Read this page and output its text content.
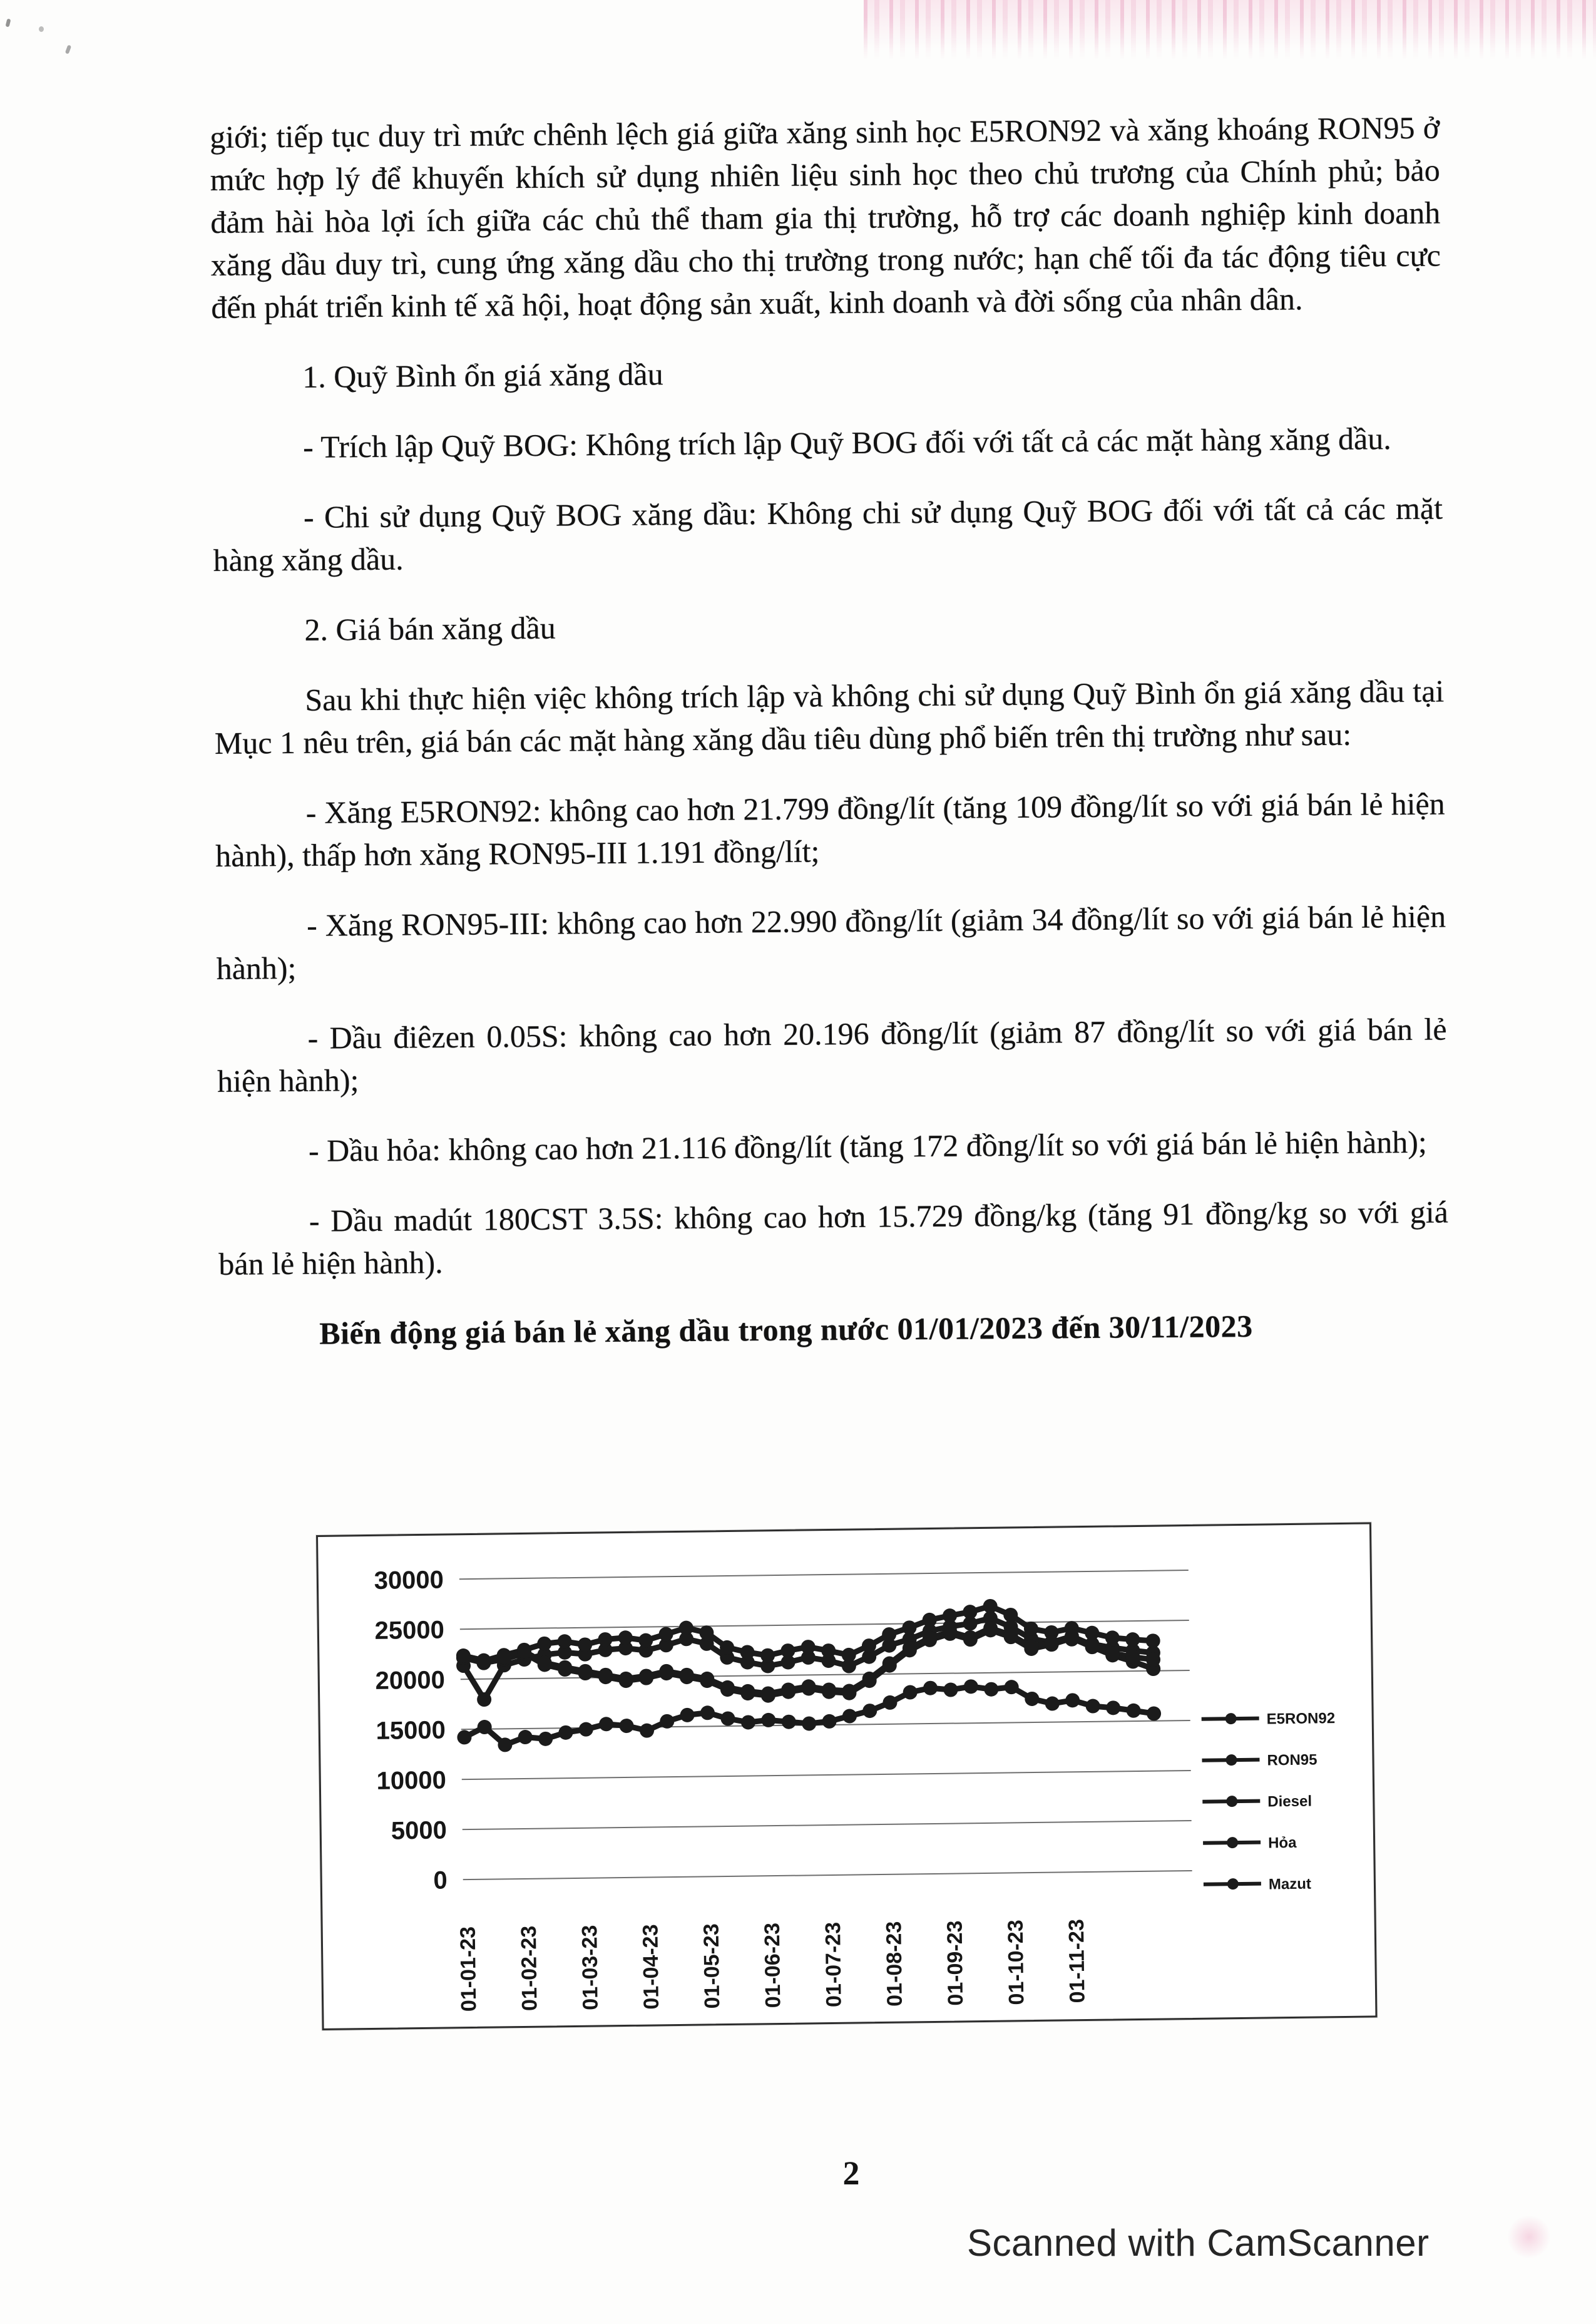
giới; tiếp tục duy trì mức chênh lệch giá giữa xăng sinh học E5RON92 và xăng khoáng RON95 ở mức hợp lý để khuyến khích sử dụng nhiên liệu sinh học theo chủ trương của Chính phủ; bảo đảm hài hòa lợi ích giữa các chủ thể tham gia thị trường, hỗ trợ các doanh nghiệp kinh doanh xăng dầu duy trì, cung ứng xăng dầu cho thị trường trong nước; hạn chế tối đa tác động tiêu cực đến phát triển kinh tế xã hội, hoạt động sản xuất, kinh doanh và đời sống của nhân dân.

1. Quỹ Bình ổn giá xăng dầu

- Trích lập Quỹ BOG: Không trích lập Quỹ BOG đối với tất cả các mặt hàng xăng dầu.

- Chi sử dụng Quỹ BOG xăng dầu: Không chi sử dụng Quỹ BOG đối với tất cả các mặt hàng xăng dầu.

2. Giá bán xăng dầu

Sau khi thực hiện việc không trích lập và không chi sử dụng Quỹ Bình ổn giá xăng dầu tại Mục 1 nêu trên, giá bán các mặt hàng xăng dầu tiêu dùng phổ biến trên thị trường như sau:

- Xăng E5RON92: không cao hơn 21.799 đồng/lít (tăng 109 đồng/lít so với giá bán lẻ hiện hành), thấp hơn xăng RON95-III 1.191 đồng/lít;

- Xăng RON95-III: không cao hơn 22.990 đồng/lít (giảm 34 đồng/lít so với giá bán lẻ hiện hành);

- Dầu điêzen 0.05S: không cao hơn 20.196 đồng/lít (giảm 87 đồng/lít so với giá bán lẻ hiện hành);

- Dầu hỏa: không cao hơn 21.116 đồng/lít (tăng 172 đồng/lít so với giá bán lẻ hiện hành);

- Dầu madút 180CST 3.5S: không cao hơn 15.729 đồng/kg (tăng 91 đồng/kg so với giá bán lẻ hiện hành).

Biến động giá bán lẻ xăng dầu trong nước 01/01/2023 đến 30/11/2023

0
5000
10000
15000
20000
25000
30000
01-01-23 01-02-23 01-03-23 01-04-23 01-05-23 01-06-23 01-07-23 01-08-23 01-09-23 01-10-23 01-11-23
E5RON92
RON95
Diesel
Hỏa
Mazut
2
Scanned with CamScanner
